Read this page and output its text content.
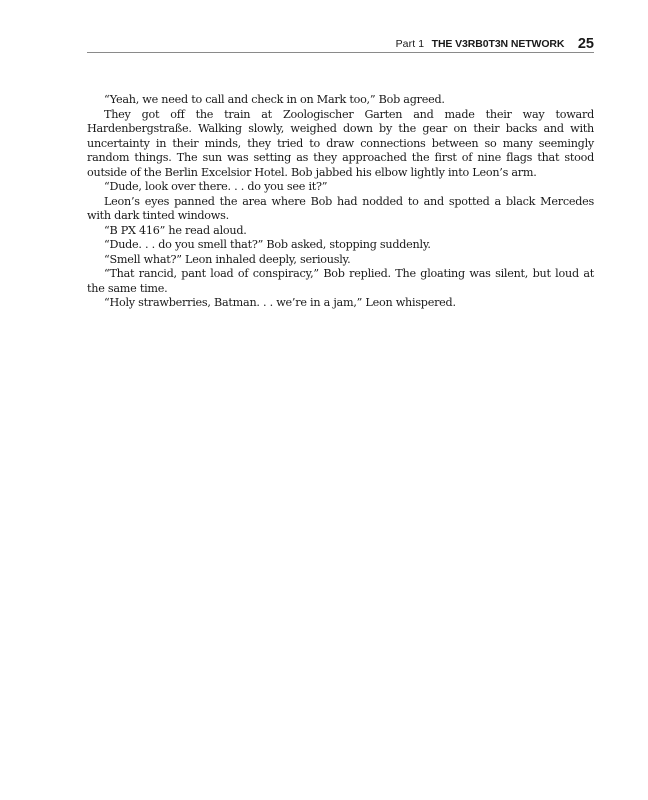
Part 1 THE V3RB0T3N NETWORK 25

“Yeah, we need to call and check in on Mark too,” Bob agreed.

They got off the train at Zoologischer Garten and made their way toward Hardenbergstraße. Walking slowly, weighed down by the gear on their backs and with uncertainty in their minds, they tried to draw connections between so many seemingly random things. The sun was setting as they approached the first of nine flags that stood outside of the Berlin Excelsior Hotel. Bob jabbed his elbow lightly into Leon’s arm.

“Dude, look over there. . . do you see it?”

Leon’s eyes panned the area where Bob had nodded to and spotted a black Mercedes with dark tinted windows.

“B PX 416” he read aloud.

“Dude. . . do you smell that?” Bob asked, stopping suddenly.

“Smell what?” Leon inhaled deeply, seriously.

“That rancid, pant load of conspiracy,” Bob replied. The gloating was silent, but loud at the same time.

“Holy strawberries, Batman. . . we’re in a jam,” Leon whispered.
